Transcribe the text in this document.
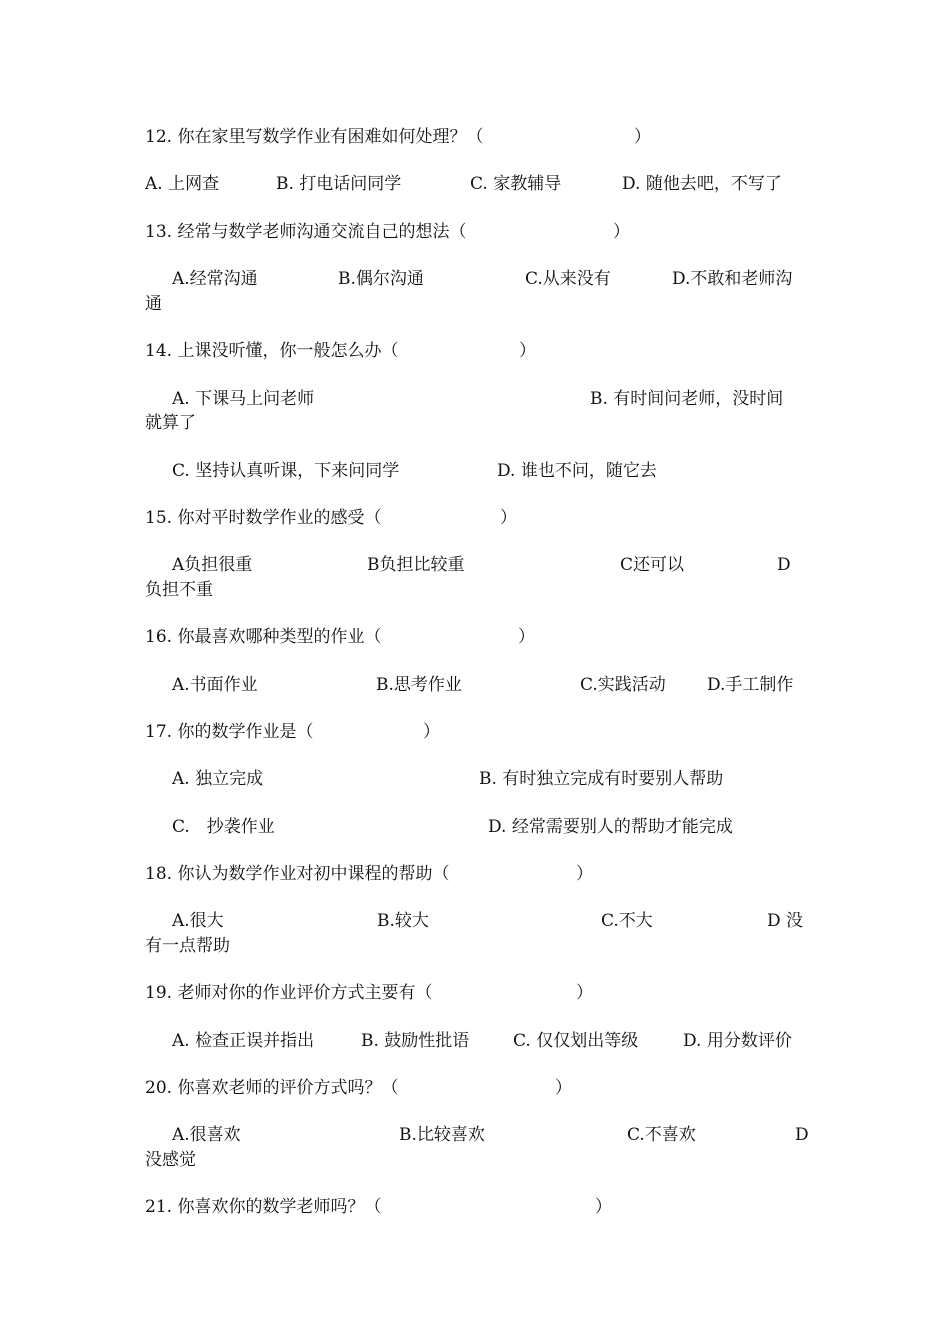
12. 你在家里写数学作业有困难如何处理？（	）
A. 上网查	B. 打电话问同学	C. 家教辅导	D. 随他去吧，不写了
13. 经常与数学老师沟通交流自己的想法（	）
A.经常沟通	B.偶尔沟通	C.从来没有	D.不敢和老师沟
通
14. 上课没听懂，你一般怎么办（	）
A. 下课马上问老师	B. 有时间问老师，没时间
就算了
C. 坚持认真听课，下来问同学	D. 谁也不问，随它去
15. 你对平时数学作业的感受（	）
A负担很重	B负担比较重	C还可以	D
负担不重
16. 你最喜欢哪种类型的作业（	）
A.书面作业	B.思考作业	C.实践活动 D.手工制作
17. 你的数学作业是（	）
A. 独立完成	B. 有时独立完成有时要别人帮助
C.　抄袭作业	D. 经常需要别人的帮助才能完成
18. 你认为数学作业对初中课程的帮助（	）
A.很大	B.较大	C.不大	D 没
有一点帮助
19. 老师对你的作业评价方式主要有（	）
A. 检查正误并指出	B. 鼓励性批语	C. 仅仅划出等级	D. 用分数评价
20. 你喜欢老师的评价方式吗？（	）
A.很喜欢	B.比较喜欢	C.不喜欢	D
没感觉
21. 你喜欢你的数学老师吗？（	）
